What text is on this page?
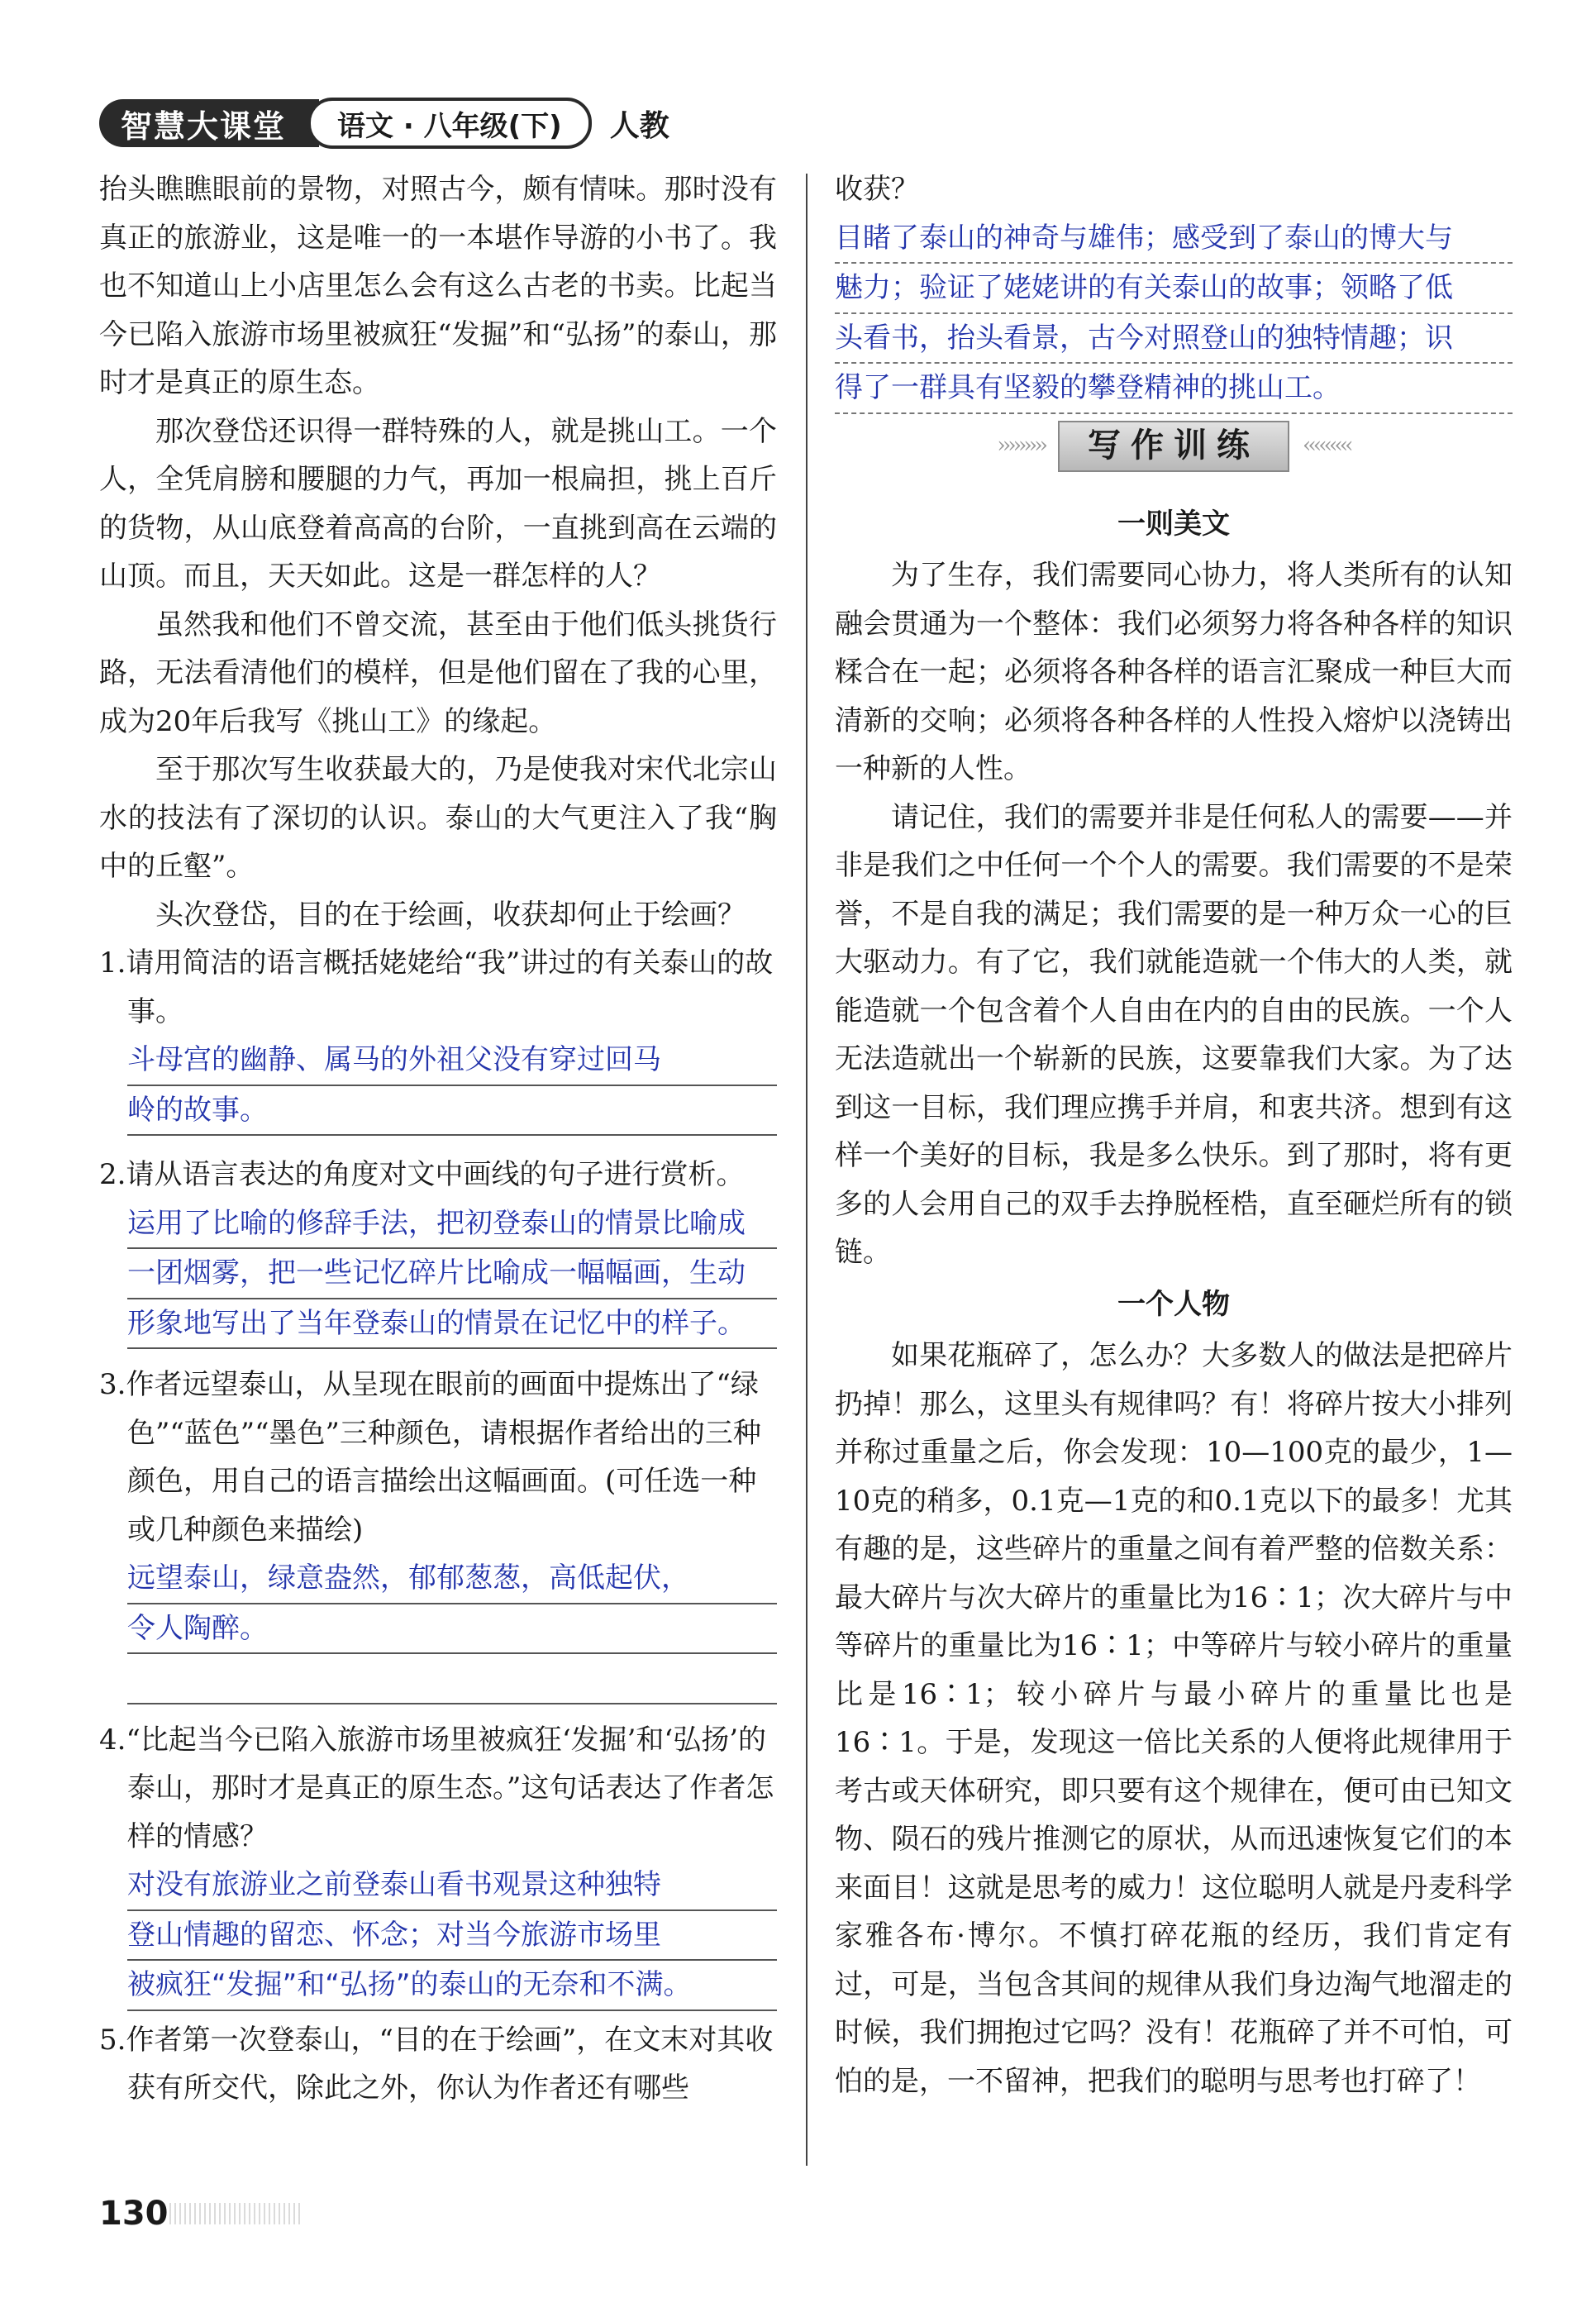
智慧大课堂	语文 · 八年级(下)	人教

抬头瞧瞧眼前的景物，对照古今，颇有情味。那时没有真正的旅游业，这是唯一的一本堪作导游的小书了。我也不知道山上小店里怎么会有这么古老的书卖。比起当今已陷入旅游市场里被疯狂“发掘”和“弘扬”的泰山，那时才是真正的原生态。

那次登岱还识得一群特殊的人，就是挑山工。一个人，全凭肩膀和腰腿的力气，再加一根扁担，挑上百斤的货物，从山底登着高高的台阶，一直挑到高在云端的山顶。而且，天天如此。这是一群怎样的人？

虽然我和他们不曾交流，甚至由于他们低头挑货行路，无法看清他们的模样，但是他们留在了我的心里，成为20年后我写《挑山工》的缘起。

至于那次写生收获最大的，乃是使我对宋代北宗山水的技法有了深切的认识。泰山的大气更注入了我“胸中的丘壑”。

头次登岱，目的在于绘画，收获却何止于绘画？

1.请用简洁的语言概括姥姥给“我”讲过的有关泰山的故事。

斗母宫的幽静、属马的外祖父没有穿过回马
岭的故事。

2.请从语言表达的角度对文中画线的句子进行赏析。

运用了比喻的修辞手法，把初登泰山的情景比喻成
一团烟雾，把一些记忆碎片比喻成一幅幅画，生动
形象地写出了当年登泰山的情景在记忆中的样子。

3.作者远望泰山，从呈现在眼前的画面中提炼出了“绿色”“蓝色”“墨色”三种颜色，请根据作者给出的三种颜色，用自己的语言描绘出这幅画面。(可任选一种或几种颜色来描绘)

远望泰山，绿意盎然，郁郁葱葱，高低起伏，
令人陶醉。

4.“比起当今已陷入旅游市场里被疯狂‘发掘’和‘弘扬’的泰山，那时才是真正的原生态。”这句话表达了作者怎样的情感？

对没有旅游业之前登泰山看书观景这种独特
登山情趣的留恋、怀念；对当今旅游市场里
被疯狂“发掘”和“弘扬”的泰山的无奈和不满。

5.作者第一次登泰山，“目的在于绘画”，在文末对其收获有所交代，除此之外，你认为作者还有哪些

收获？

目睹了泰山的神奇与雄伟；感受到了泰山的博大与
魅力；验证了姥姥讲的有关泰山的故事；领略了低
头看书，抬头看景，古今对照登山的独特情趣；识
得了一群具有坚毅的攀登精神的挑山工。
›››››››››	写作训练	‹‹‹‹‹‹‹‹‹
一则美文

为了生存，我们需要同心协力，将人类所有的认知融会贯通为一个整体：我们必须努力将各种各样的知识糅合在一起；必须将各种各样的语言汇聚成一种巨大而清新的交响；必须将各种各样的人性投入熔炉以浇铸出一种新的人性。

请记住，我们的需要并非是任何私人的需要——并非是我们之中任何一个个人的需要。我们需要的不是荣誉，不是自我的满足；我们需要的是一种万众一心的巨大驱动力。有了它，我们就能造就一个伟大的人类，就能造就一个包含着个人自由在内的自由的民族。一个人无法造就出一个崭新的民族，这要靠我们大家。为了达到这一目标，我们理应携手并肩，和衷共济。想到有这样一个美好的目标，我是多么快乐。到了那时，将有更多的人会用自己的双手去挣脱桎梏，直至砸烂所有的锁链。

一个人物

如果花瓶碎了，怎么办？大多数人的做法是把碎片扔掉！那么，这里头有规律吗？有！将碎片按大小排列并称过重量之后，你会发现：10—100克的最少，1—10克的稍多，0.1克—1克的和0.1克以下的最多！尤其有趣的是，这些碎片的重量之间有着严整的倍数关系：最大碎片与次大碎片的重量比为16∶1；次大碎片与中等碎片的重量比为16∶1；中等碎片与较小碎片的重量比是16∶1；较小碎片与最小碎片的重量比也是16∶1。于是，发现这一倍比关系的人便将此规律用于考古或天体研究，即只要有这个规律在，便可由已知文物、陨石的残片推测它的原状，从而迅速恢复它们的本来面目！这就是思考的威力！这位聪明人就是丹麦科学家雅各布·博尔。不慎打碎花瓶的经历，我们肯定有过，可是，当包含其间的规律从我们身边淘气地溜走的时候，我们拥抱过它吗？没有！花瓶碎了并不可怕，可怕的是，一不留神，把我们的聪明与思考也打碎了！

130
